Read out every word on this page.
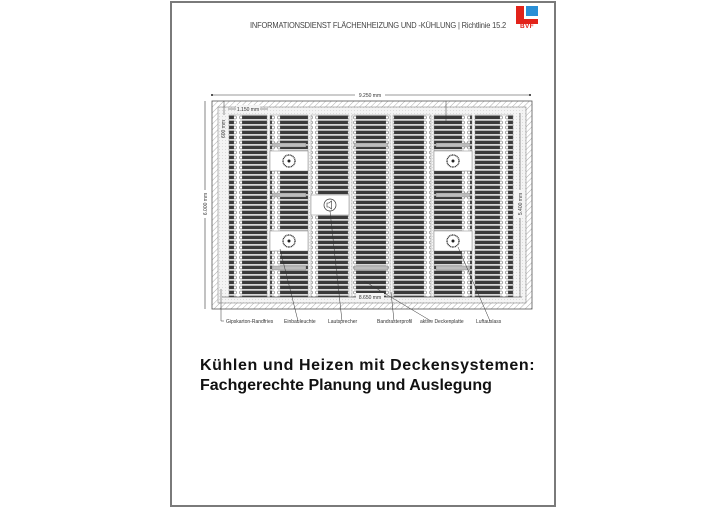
INFORMATIONSDIENST FLÄCHENHEIZUNG UND -KÜHLUNG | Richtlinie 15.2	BVF
9.250 mm
6.000 mm	5.400 mm
1.150 mm
600 mm
8.650 mm
Gipskarton-Randfries Einbauleuchte Lautsprecher	Bandrasterprofil aktive Deckenplatte Luftauslass
Kühlen und Heizen mit Deckensystemen:
Fachgerechte Planung und Auslegung
